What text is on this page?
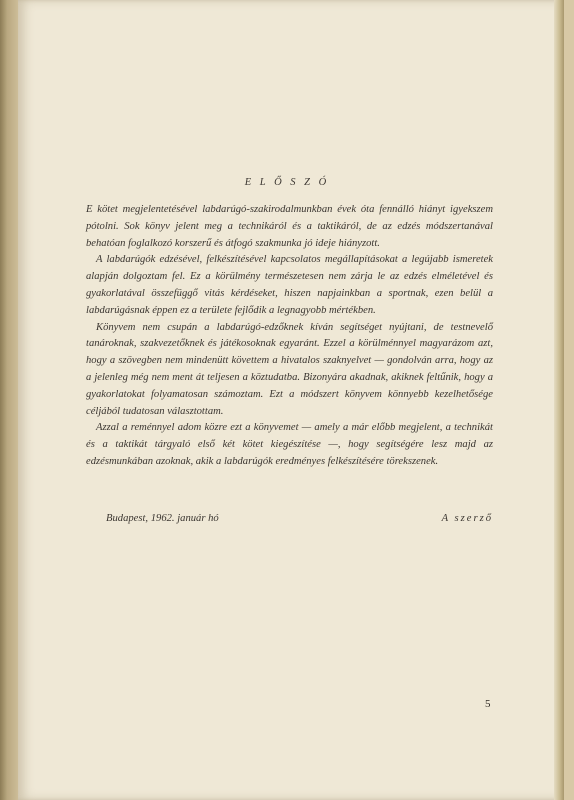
E L Ő S Z Ó

E kötet megjelentetésével labdarúgó-szakirodalmunkban évek óta fennálló hiányt igyekszem pótolni. Sok könyv jelent meg a technikáról és a taktikáról, de az edzés módszertanával behatóan foglalkozó korszerű és átfogó szakmunka jó ideje hiányzott.

A labdarúgók edzésével, felkészítésével kapcsolatos megállapításokat a legújabb ismeretek alapján dolgoztam fel. Ez a körülmény természetesen nem zárja le az edzés elméletével és gyakorlatával összefüggő vitás kérdéseket, hiszen napjainkban a sportnak, ezen belül a labdarúgásnak éppen ez a területe fejlődik a legnagyobb mértékben.

Könyvem nem csupán a labdarúgó-edzőknek kíván segítséget nyújtani, de testnevelő tanároknak, szakvezetőknek és játékosoknak egyaránt. Ezzel a körülménnyel magyarázom azt, hogy a szövegben nem mindenütt követtem a hivatalos szaknyelvet — gondolván arra, hogy az a jelenleg még nem ment át teljesen a köztudatba. Bizonyára akadnak, akiknek feltűnik, hogy a gyakorlatokat folyamatosan számoztam. Ezt a módszert könyvem könnyebb kezelhetősége céljából tudatosan választottam.

Azzal a reménnyel adom közre ezt a könyvemet — amely a már előbb megjelent, a technikát és a taktikát tárgyaló első két kötet kiegészítése —, hogy segítségére lesz majd az edzésmunkában azoknak, akik a labdarúgók eredményes felkészítésére törekszenek.

Budapest, 1962. január hó	A szerző
5
